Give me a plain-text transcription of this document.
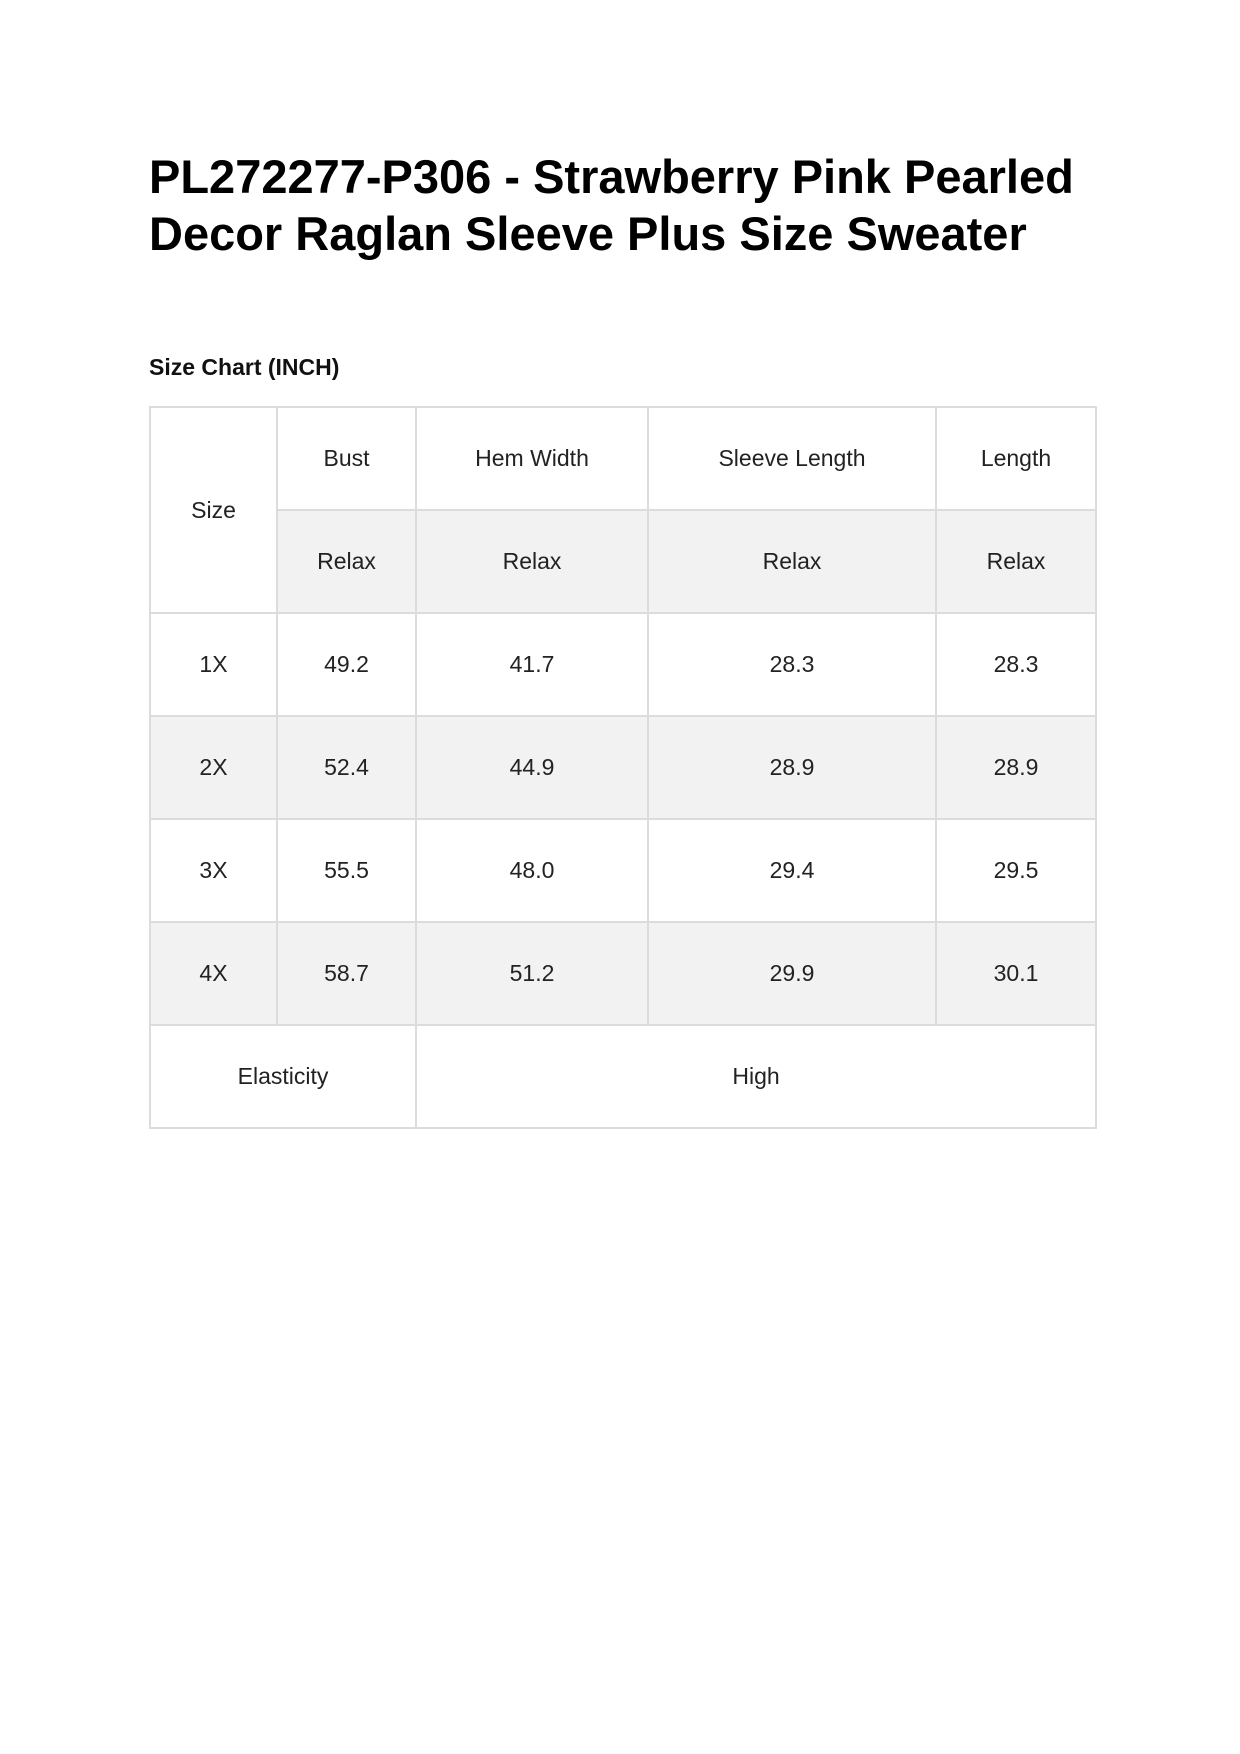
PL272277-P306 - Strawberry Pink Pearled Decor Raglan Sleeve Plus Size Sweater
Size Chart (INCH)
Size	Bust	Hem Width	Sleeve Length	Length
	Relax	Relax	Relax	Relax
1X	49.2	41.7	28.3	28.3
2X	52.4	44.9	28.9	28.9
3X	55.5	48.0	29.4	29.5
4X	58.7	51.2	29.9	30.1
Elasticity		High		
